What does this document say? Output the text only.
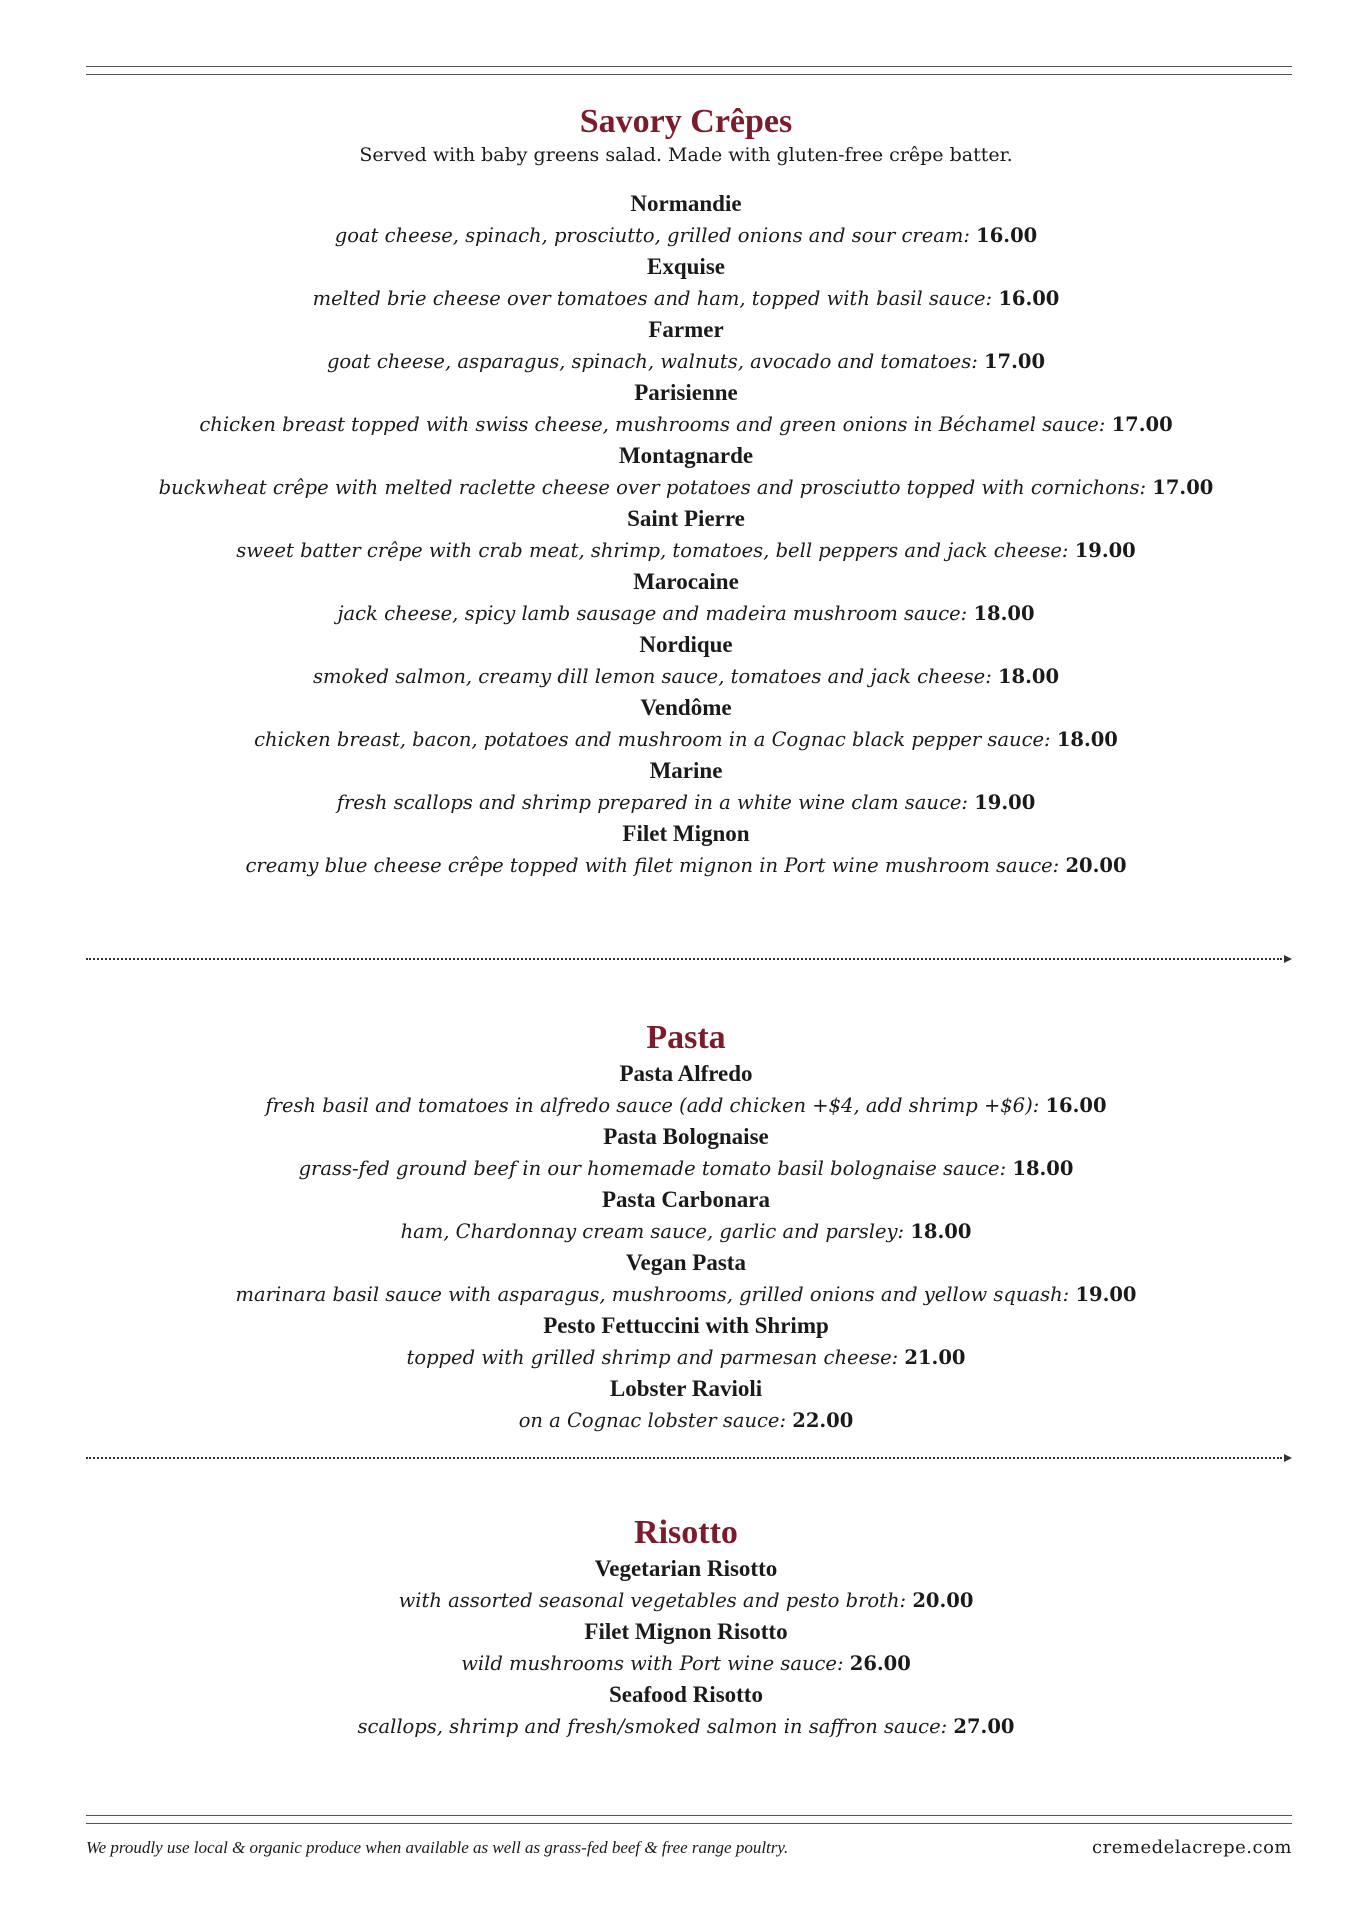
Savory Crêpes
Served with baby greens salad. Made with gluten-free crêpe batter.
Normandie
goat cheese, spinach, prosciutto, grilled onions and sour cream: 16.00
Exquise
melted brie cheese over tomatoes and ham, topped with basil sauce: 16.00
Farmer
goat cheese, asparagus, spinach, walnuts, avocado and tomatoes: 17.00
Parisienne
chicken breast topped with swiss cheese, mushrooms and green onions in Béchamel sauce: 17.00
Montagnarde
buckwheat crêpe with melted raclette cheese over potatoes and prosciutto topped with cornichons: 17.00
Saint Pierre
sweet batter crêpe with crab meat, shrimp, tomatoes, bell peppers and jack cheese: 19.00
Marocaine
jack cheese, spicy lamb sausage and madeira mushroom sauce: 18.00
Nordique
smoked salmon, creamy dill lemon sauce, tomatoes and jack cheese: 18.00
Vendôme
chicken breast, bacon, potatoes and mushroom in a Cognac black pepper sauce: 18.00
Marine
fresh scallops and shrimp prepared in a white wine clam sauce: 19.00
Filet Mignon
creamy blue cheese crêpe topped with filet mignon in Port wine mushroom sauce: 20.00
Pasta
Pasta Alfredo
fresh basil and tomatoes in alfredo sauce (add chicken +$4, add shrimp +$6): 16.00
Pasta Bolognaise
grass-fed ground beef in our homemade tomato basil bolognaise sauce: 18.00
Pasta Carbonara
ham, Chardonnay cream sauce, garlic and parsley: 18.00
Vegan Pasta
marinara basil sauce with asparagus, mushrooms, grilled onions and yellow squash: 19.00
Pesto Fettuccini with Shrimp
topped with grilled shrimp and parmesan cheese: 21.00
Lobster Ravioli
on a Cognac lobster sauce: 22.00
Risotto
Vegetarian Risotto
with assorted seasonal vegetables and pesto broth: 20.00
Filet Mignon Risotto
wild mushrooms with Port wine sauce: 26.00
Seafood Risotto
scallops, shrimp and fresh/smoked salmon in saffron sauce: 27.00
We proudly use local & organic produce when available as well as grass-fed beef & free range poultry.	cremedelacrepe.com
